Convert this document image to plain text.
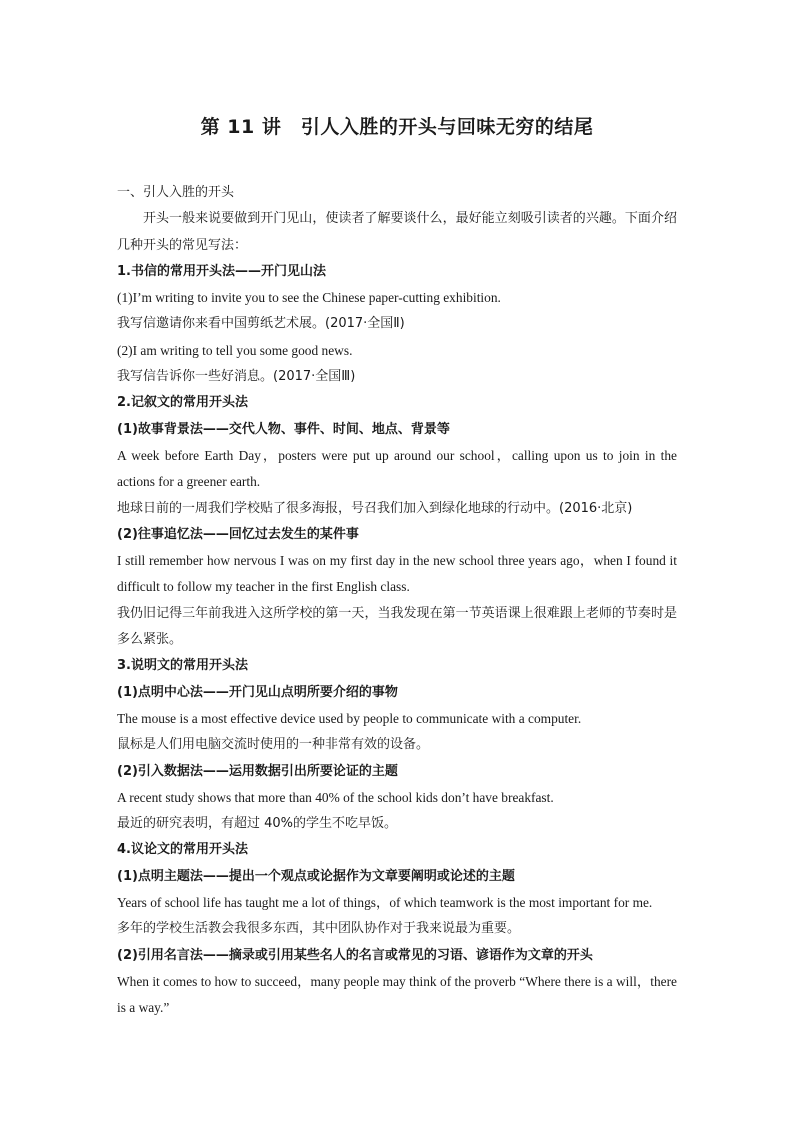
第 11 讲　引人入胜的开头与回味无穷的结尾
一、引人入胜的开头
开头一般来说要做到开门见山，使读者了解要谈什么，最好能立刻吸引读者的兴趣。下面介绍几种开头的常见写法：
1.书信的常用开头法——开门见山法
(1)I’m writing to invite you to see the Chinese paper-cutting exhibition.
我写信邀请你来看中国剪纸艺术展。(2017·全国Ⅱ)
(2)I am writing to tell you some good news.
我写信告诉你一些好消息。(2017·全国Ⅲ)
2.记叙文的常用开头法
(1)故事背景法——交代人物、事件、时间、地点、背景等
A week before Earth Day，posters were put up around our school，calling upon us to join in the actions for a greener earth.
地球日前的一周我们学校贴了很多海报，号召我们加入到绿化地球的行动中。(2016·北京)
(2)往事追忆法——回忆过去发生的某件事
I still remember how nervous I was on my first day in the new school three years ago，when I found it difficult to follow my teacher in the first English class.
我仍旧记得三年前我进入这所学校的第一天，当我发现在第一节英语课上很难跟上老师的节奏时是多么紧张。
3.说明文的常用开头法
(1)点明中心法——开门见山点明所要介绍的事物
The mouse is a most effective device used by people to communicate with a computer.
鼠标是人们用电脑交流时使用的一种非常有效的设备。
(2)引入数据法——运用数据引出所要论证的主题
A recent study shows that more than 40% of the school kids don’t have breakfast.
最近的研究表明，有超过 40%的学生不吃早饭。
4.议论文的常用开头法
(1)点明主题法——提出一个观点或论据作为文章要阐明或论述的主题
Years of school life has taught me a lot of things，of which teamwork is the most important for me.
多年的学校生活教会我很多东西，其中团队协作对于我来说最为重要。
(2)引用名言法——摘录或引用某些名人的名言或常见的习语、谚语作为文章的开头
When it comes to how to succeed，many people may think of the proverb “Where there is a will，there is a way.”
